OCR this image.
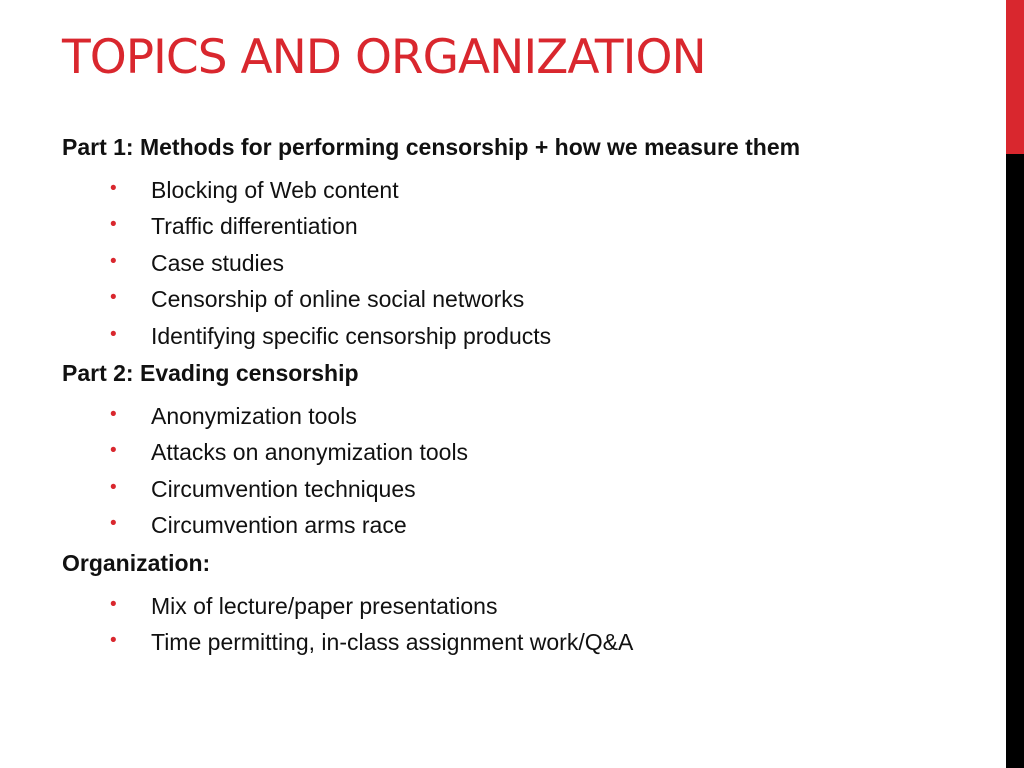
TOPICS AND ORGANIZATION
Part 1: Methods for performing censorship + how we measure them
• Blocking of Web content
• Traffic differentiation
• Case studies
• Censorship of online social networks
• Identifying specific censorship products
Part 2: Evading censorship
• Anonymization tools
• Attacks on anonymization tools
• Circumvention techniques
• Circumvention arms race
Organization:
• Mix of lecture/paper presentations
• Time permitting, in-class assignment work/Q&A
